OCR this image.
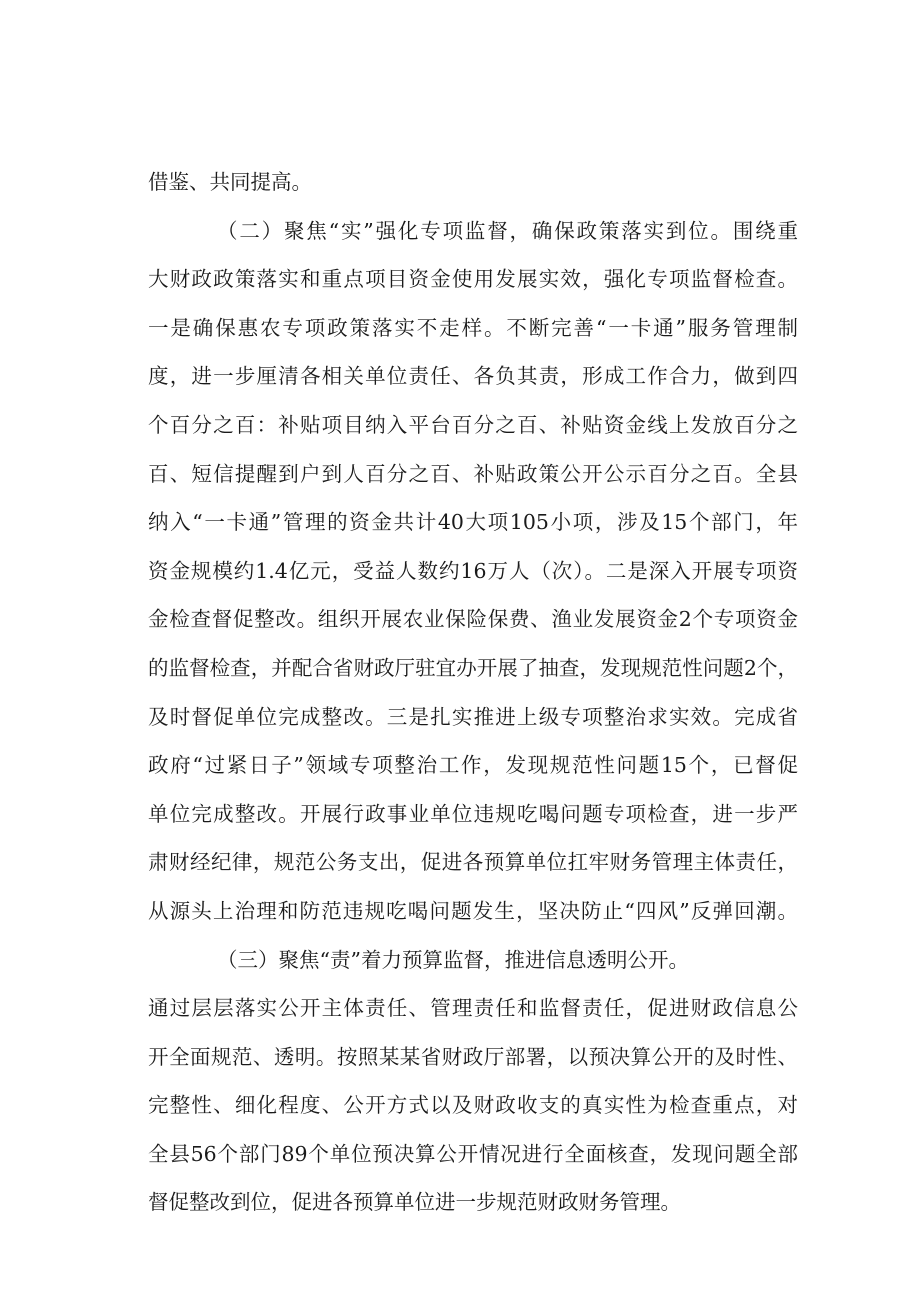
借鉴、共同提高。
（二）聚焦“实”强化专项监督，确保政策落实到位。围绕重
大财政政策落实和重点项目资金使用发展实效，强化专项监督检查。
一是确保惠农专项政策落实不走样。不断完善“一卡通”服务管理制
度，进一步厘清各相关单位责任、各负其责，形成工作合力，做到四
个百分之百：补贴项目纳入平台百分之百、补贴资金线上发放百分之
百、短信提醒到户到人百分之百、补贴政策公开公示百分之百。全县
纳入“一卡通”管理的资金共计40大项105小项，涉及15个部门，年
资金规模约1.4亿元，受益人数约16万人（次）。二是深入开展专项资
金检查督促整改。组织开展农业保险保费、渔业发展资金2个专项资金
的监督检查，并配合省财政厅驻宜办开展了抽查，发现规范性问题2个，
及时督促单位完成整改。三是扎实推进上级专项整治求实效。完成省
政府“过紧日子”领域专项整治工作，发现规范性问题15个，已督促
单位完成整改。开展行政事业单位违规吃喝问题专项检查，进一步严
肃财经纪律，规范公务支出，促进各预算单位扛牢财务管理主体责任，
从源头上治理和防范违规吃喝问题发生，坚决防止“四风”反弹回潮。
（三）聚焦“责”着力预算监督，推进信息透明公开。
通过层层落实公开主体责任、管理责任和监督责任，促进财政信息公
开全面规范、透明。按照某某省财政厅部署，以预决算公开的及时性、
完整性、细化程度、公开方式以及财政收支的真实性为检查重点，对
全县56个部门89个单位预决算公开情况进行全面核查，发现问题全部
督促整改到位，促进各预算单位进一步规范财政财务管理。
